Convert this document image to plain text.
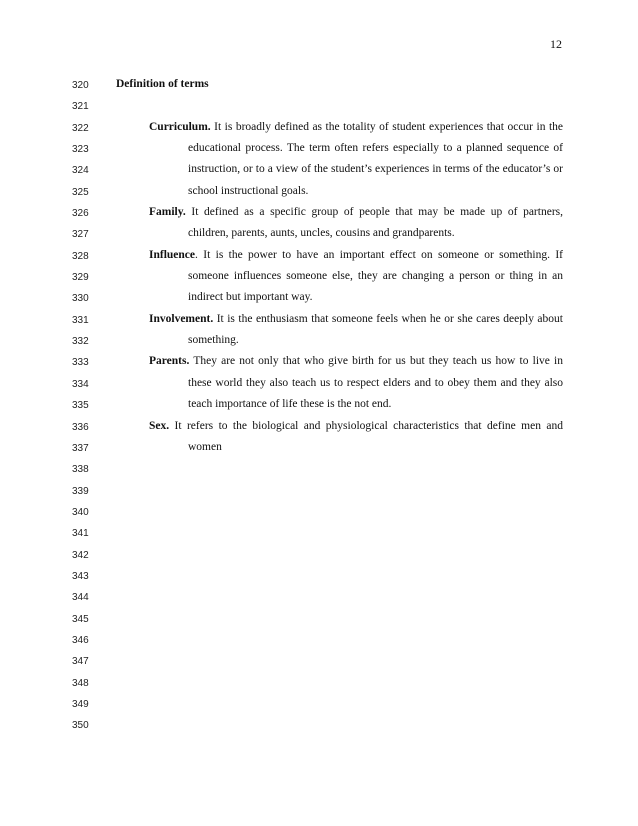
12
320
321
322
323
324
325
326
327
328
329
330
331
332
333
334
335
336
337
338
339
340
341
342
343
344
345
346
347
348
349
350
Definition of terms
Curriculum. It is broadly defined as the totality of student experiences that occur in the educational process. The term often refers especially to a planned sequence of instruction, or to a view of the student’s experiences in terms of the educator’s or school instructional goals.
Family. It defined as a specific group of people that may be made up of partners, children, parents, aunts, uncles, cousins and grandparents.
Influence. It is the power to have an important effect on someone or something. If someone influences someone else, they are changing a person or thing in an indirect but important way.
Involvement. It is the enthusiasm that someone feels when he or she cares deeply about something.
Parents. They are not only that who give birth for us but they teach us how to live in these world they also teach us to respect elders and to obey them and they also teach importance of life these is the not end.
Sex. It refers to the biological and physiological characteristics that define men and women
